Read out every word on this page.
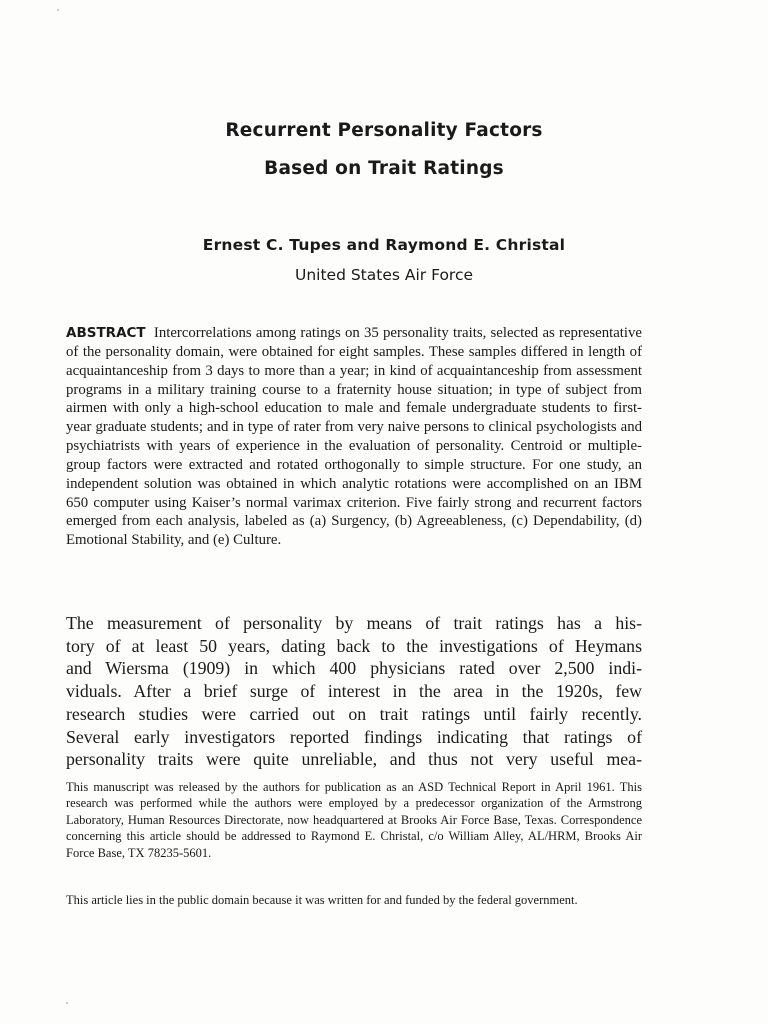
Recurrent Personality Factors
Based on Trait Ratings
Ernest C. Tupes and Raymond E. Christal
United States Air Force
ABSTRACT Intercorrelations among ratings on 35 personality traits, selected as representative of the personality domain, were obtained for eight samples. These samples differed in length of acquaintanceship from 3 days to more than a year; in kind of acquaintanceship from assessment programs in a military training course to a fraternity house situation; in type of subject from airmen with only a high-school education to male and female undergraduate students to first-year graduate students; and in type of rater from very naive persons to clinical psychologists and psychiatrists with years of experience in the evaluation of personality. Centroid or multiple-group factors were extracted and rotated orthogonally to simple structure. For one study, an independent solution was obtained in which analytic rotations were accomplished on an IBM 650 computer using Kaiser’s normal varimax criterion. Five fairly strong and recurrent factors emerged from each analysis, labeled as (a) Surgency, (b) Agreeableness, (c) Dependability, (d) Emotional Stability, and (e) Culture.
The measurement of personality by means of trait ratings has a his-
tory of at least 50 years, dating back to the investigations of Heymans
and Wiersma (1909) in which 400 physicians rated over 2,500 indi-
viduals. After a brief surge of interest in the area in the 1920s, few
research studies were carried out on trait ratings until fairly recently.
Several early investigators reported findings indicating that ratings of
personality traits were quite unreliable, and thus not very useful mea-
This manuscript was released by the authors for publication as an ASD Technical Report in April 1961. This research was performed while the authors were employed by a predecessor organization of the Armstrong Laboratory, Human Resources Directorate, now headquartered at Brooks Air Force Base, Texas. Correspondence concerning this article should be addressed to Raymond E. Christal, c/o William Alley, AL/HRM, Brooks Air Force Base, TX 78235-5601.
This article lies in the public domain because it was written for and funded by the federal government.
